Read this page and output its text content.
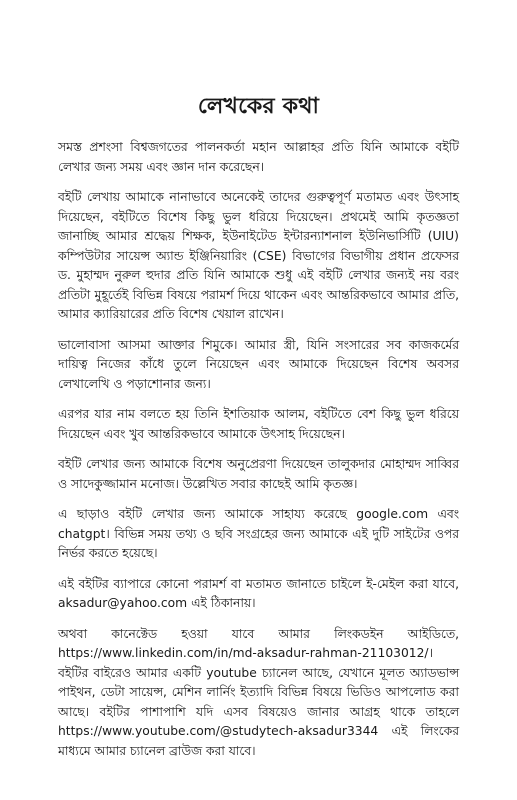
লেখকের কথা

সমস্ত প্রশংসা বিশ্বজগতের পালনকর্তা মহান আল্লাহর প্রতি যিনি আমাকে বইটি লেখার জন্য সময় এবং জ্ঞান দান করেছেন।

বইটি লেখায় আমাকে নানাভাবে অনেকেই তাদের গুরুত্বপূর্ণ মতামত এবং উৎসাহ দিয়েছেন, বইটিতে বিশেষ কিছু ভুল ধরিয়ে দিয়েছেন। প্রথমেই আমি কৃতজ্ঞতা জানাচ্ছি আমার শ্রদ্ধেয় শিক্ষক, ইউনাইটেড ইন্টারন্যাশনাল ইউনিভার্সিটি (UIU) কম্পিউটার সায়েন্স অ্যান্ড ইঞ্জিনিয়ারিং (CSE) বিভাগের বিভাগীয় প্রধান প্রফেসর ড. মুহাম্মদ নুরুল হুদার প্রতি যিনি আমাকে শুধু এই বইটি লেখার জন্যই নয় বরং প্রতিটা মুহূর্তেই বিভিন্ন বিষয়ে পরামর্শ দিয়ে থাকেন এবং আন্তরিকভাবে আমার প্রতি, আমার ক্যারিয়ারের প্রতি বিশেষ খেয়াল রাখেন।

ভালোবাসা আসমা আক্তার শিমুকে। আমার স্ত্রী, যিনি সংসারের সব কাজকর্মের দায়িত্ব নিজের কাঁধে তুলে নিয়েছেন এবং আমাকে দিয়েছেন বিশেষ অবসর লেখালেখি ও পড়াশোনার জন্য।

এরপর যার নাম বলতে হয় তিনি ইশতিয়াক আলম, বইটিতে বেশ কিছু ভুল ধরিয়ে দিয়েছেন এবং খুব আন্তরিকভাবে আমাকে উৎসাহ দিয়েছেন।

বইটি লেখার জন্য আমাকে বিশেষ অনুপ্রেরণা দিয়েছেন তালুকদার মোহাম্মদ সাব্বির ও সাদেকুজ্জামান মনোজ। উল্লেখিত সবার কাছেই আমি কৃতজ্ঞ।

এ ছাড়াও বইটি লেখার জন্য আমাকে সাহায্য করেছে google.com এবং chatgpt। বিভিন্ন সময় তথ্য ও ছবি সংগ্রহের জন্য আমাকে এই দুটি সাইটের ওপর নির্ভর করতে হয়েছে।

এই বইটির ব্যাপারে কোনো পরামর্শ বা মতামত জানাতে চাইলে ই-মেইল করা যাবে, aksadur@yahoo.com এই ঠিকানায়।

অথবা কানেক্টেড হওয়া যাবে আমার লিংকডইন আইডিতে, https://www.linkedin.com/in/md-aksadur-rahman-21103012/। বইটির বাইরেও আমার একটি youtube চ্যানেল আছে, যেখানে মূলত অ্যাডভান্স পাইথন, ডেটা সায়েন্স, মেশিন লার্নিং ইত্যাদি বিভিন্ন বিষয়ে ভিডিও আপলোড করা আছে। বইটির পাশাপাশি যদি এসব বিষয়েও জানার আগ্রহ থাকে তাহলে https://www.youtube.com/@studytech-aksadur3344 এই লিংকের মাধ্যমে আমার চ্যানেল ব্রাউজ করা যাবে।
